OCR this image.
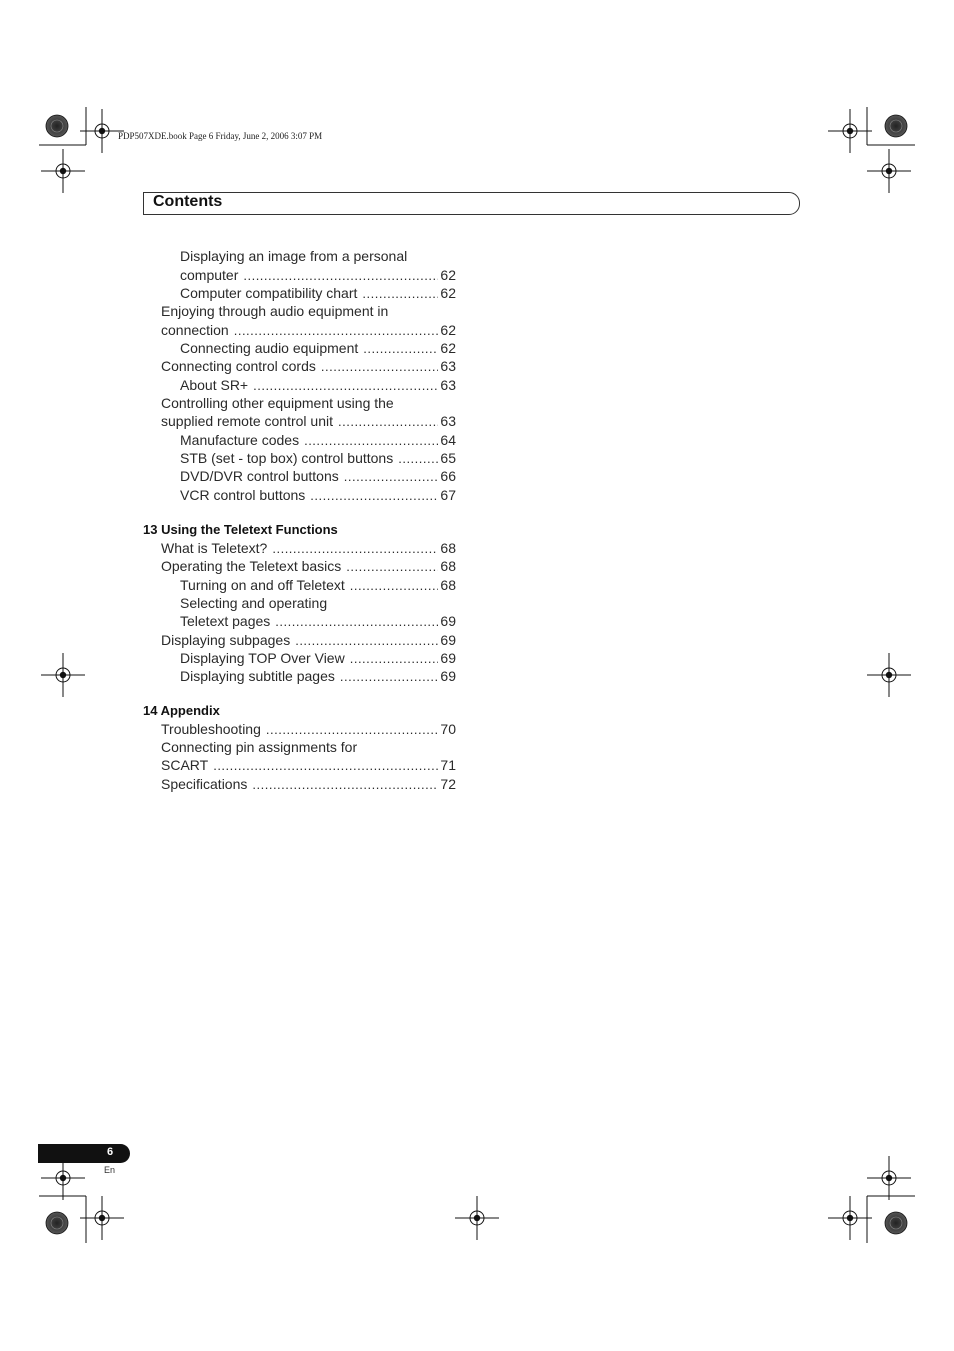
PDP507XDE.book Page 6 Friday, June 2, 2006 3:07 PM
Contents
Displaying an image from a personal
computer .....	62
Computer compatibility chart .....	62
Enjoying through audio equipment in
connection .....	62
Connecting audio equipment .....	62
Connecting control cords .....	63
About SR+ .....	63
Controlling other equipment using the
supplied remote control unit .....	63
Manufacture codes .....	64
STB (set - top box) control buttons .....	65
DVD/DVR control buttons .....	66
VCR control buttons .....	67
13 Using the Teletext Functions
What is Teletext? .....	68
Operating the Teletext basics .....	68
Turning on and off Teletext .....	68
Selecting and operating
Teletext pages .....	69
Displaying subpages .....	69
Displaying TOP Over View .....	69
Displaying subtitle pages .....	69
14 Appendix
Troubleshooting .....	70
Connecting pin assignments for
SCART .....	71
Specifications .....	72
6
En
